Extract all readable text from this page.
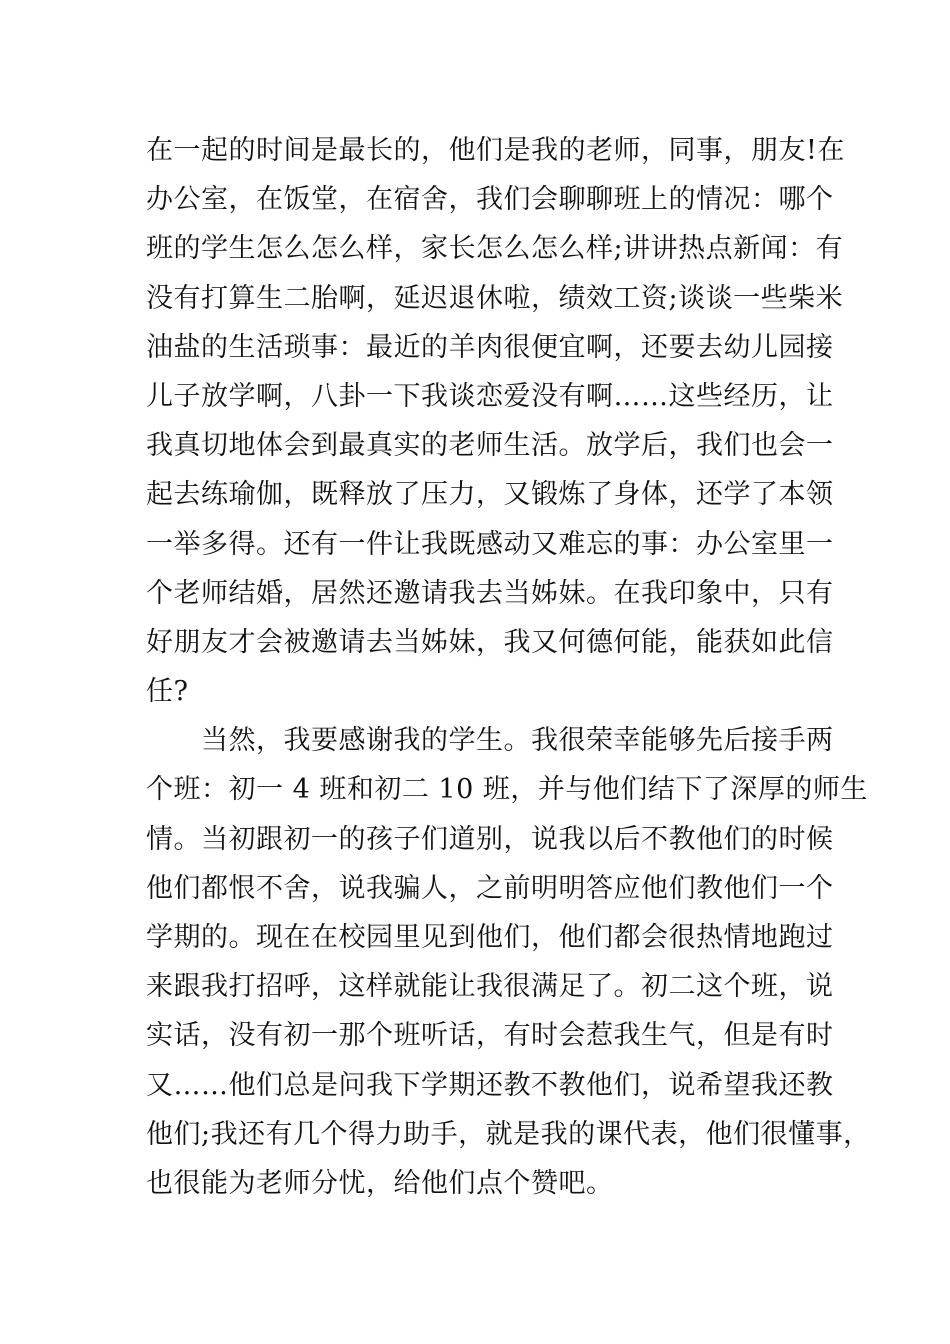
在一起的时间是最长的，他们是我的老师，同事，朋友!在
办公室，在饭堂，在宿舍，我们会聊聊班上的情况：哪个
班的学生怎么怎么样，家长怎么怎么样;讲讲热点新闻：有
没有打算生二胎啊，延迟退休啦，绩效工资;谈谈一些柴米
油盐的生活琐事：最近的羊肉很便宜啊，还要去幼儿园接
儿子放学啊，八卦一下我谈恋爱没有啊……这些经历，让
我真切地体会到最真实的老师生活。放学后，我们也会一
起去练瑜伽，既释放了压力，又锻炼了身体，还学了本领
一举多得。还有一件让我既感动又难忘的事：办公室里一
个老师结婚，居然还邀请我去当姊妹。在我印象中，只有
好朋友才会被邀请去当姊妹，我又何德何能，能获如此信
任?
　　当然，我要感谢我的学生。我很荣幸能够先后接手两
个班：初一 4 班和初二 10 班，并与他们结下了深厚的师生
情。当初跟初一的孩子们道别，说我以后不教他们的时候
他们都恨不舍，说我骗人，之前明明答应他们教他们一个
学期的。现在在校园里见到他们，他们都会很热情地跑过
来跟我打招呼，这样就能让我很满足了。初二这个班，说
实话，没有初一那个班听话，有时会惹我生气，但是有时
又……他们总是问我下学期还教不教他们，说希望我还教
他们;我还有几个得力助手，就是我的课代表，他们很懂事，
也很能为老师分忧，给他们点个赞吧。
